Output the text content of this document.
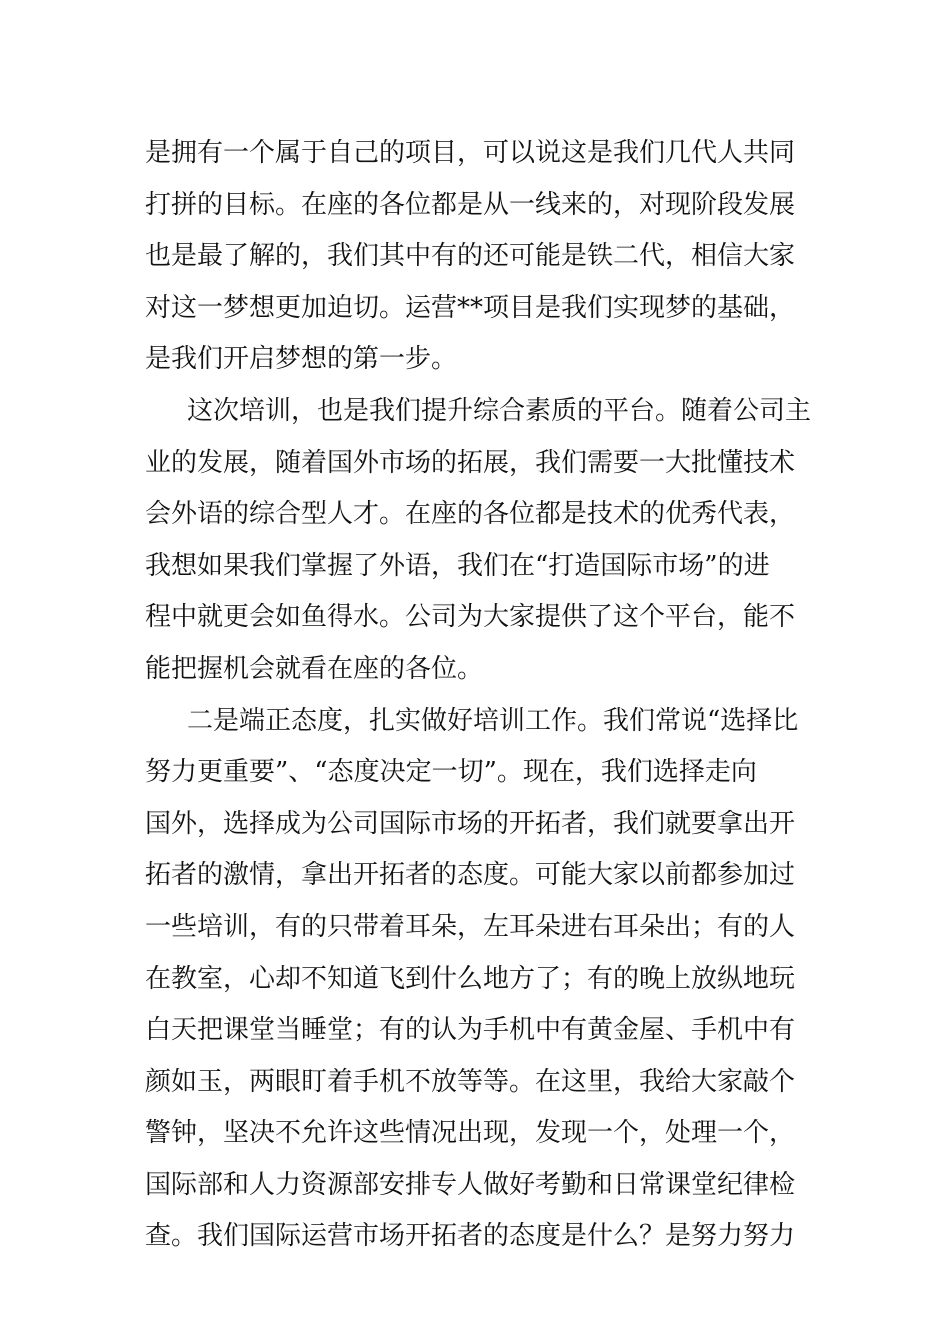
是拥有一个属于自己的项目，可以说这是我们几代人共同
打拼的目标。在座的各位都是从一线来的，对现阶段发展
也是最了解的，我们其中有的还可能是铁二代，相信大家
对这一梦想更加迫切。运营**项目是我们实现梦的基础，
是我们开启梦想的第一步。
这次培训，也是我们提升综合素质的平台。随着公司主
业的发展，随着国外市场的拓展，我们需要一大批懂技术
会外语的综合型人才。在座的各位都是技术的优秀代表，
我想如果我们掌握了外语，我们在“打造国际市场”的进
程中就更会如鱼得水。公司为大家提供了这个平台，能不
能把握机会就看在座的各位。
二是端正态度，扎实做好培训工作。我们常说“选择比
努力更重要”、“态度决定一切”。现在，我们选择走向
国外，选择成为公司国际市场的开拓者，我们就要拿出开
拓者的激情，拿出开拓者的态度。可能大家以前都参加过
一些培训，有的只带着耳朵，左耳朵进右耳朵出；有的人
在教室，心却不知道飞到什么地方了；有的晚上放纵地玩
白天把课堂当睡堂；有的认为手机中有黄金屋、手机中有
颜如玉，两眼盯着手机不放等等。在这里，我给大家敲个
警钟，坚决不允许这些情况出现，发现一个，处理一个，
国际部和人力资源部安排专人做好考勤和日常课堂纪律检
查。我们国际运营市场开拓者的态度是什么？是努力努力
